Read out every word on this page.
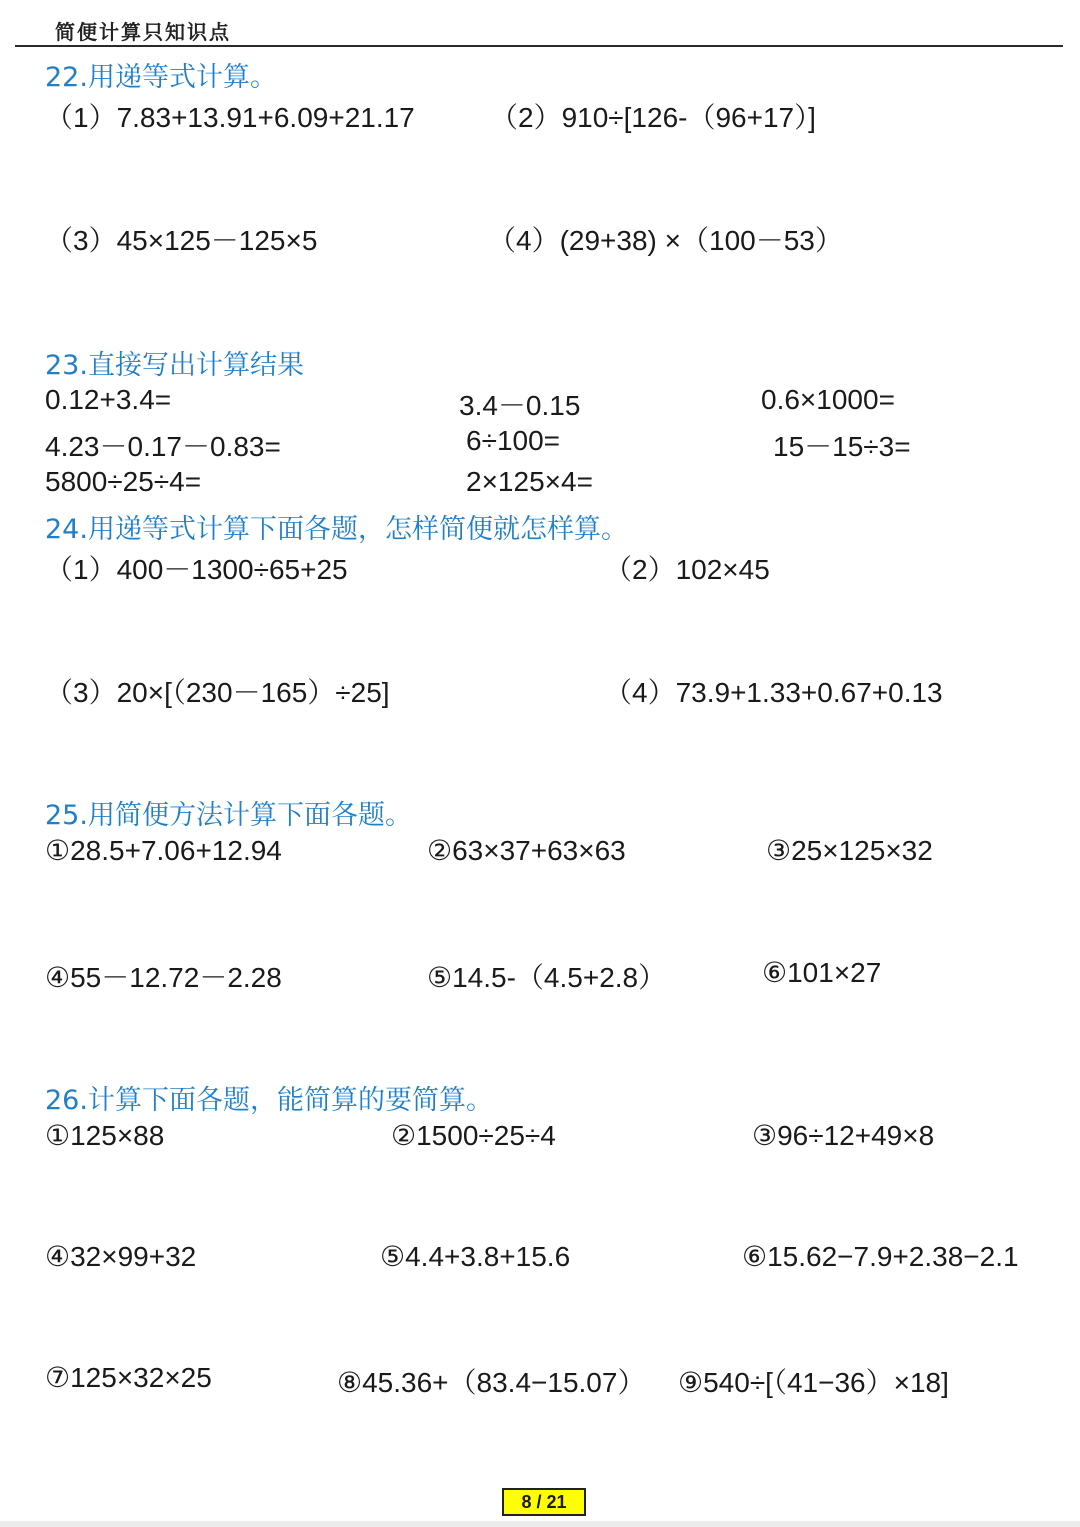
简便计算只知识点
22.用递等式计算。
（1）7.83+13.91+6.09+21.17	（2）910÷[126-（96+17）]
（3）45×125－125×5	（4）(29+38) ×（100－53）
23.直接写出计算结果
0.12+3.4=	3.4－0.15	0.6×1000=
4.23－0.17－0.83=	6÷100=	15－15÷3=
5800÷25÷4=	2×125×4=
24.用递等式计算下面各题，怎样简便就怎样算。
（1）400－1300÷65+25	（2）102×45
（3）20×[（230－165）÷25]	（4）73.9+1.33+0.67+0.13
25.用简便方法计算下面各题。
①28.5+7.06+12.94	②63×37+63×63	③25×125×32
④55－12.72－2.28	⑤14.5-（4.5+2.8）	⑥101×27
26.计算下面各题，能简算的要简算。
①125×88	②1500÷25÷4	③96÷12+49×8
④32×99+32	⑤4.4+3.8+15.6	⑥15.62−7.9+2.38−2.1
⑦125×32×25	⑧45.36+（83.4−15.07） ⑨540÷[（41−36）×18]
8 / 21
